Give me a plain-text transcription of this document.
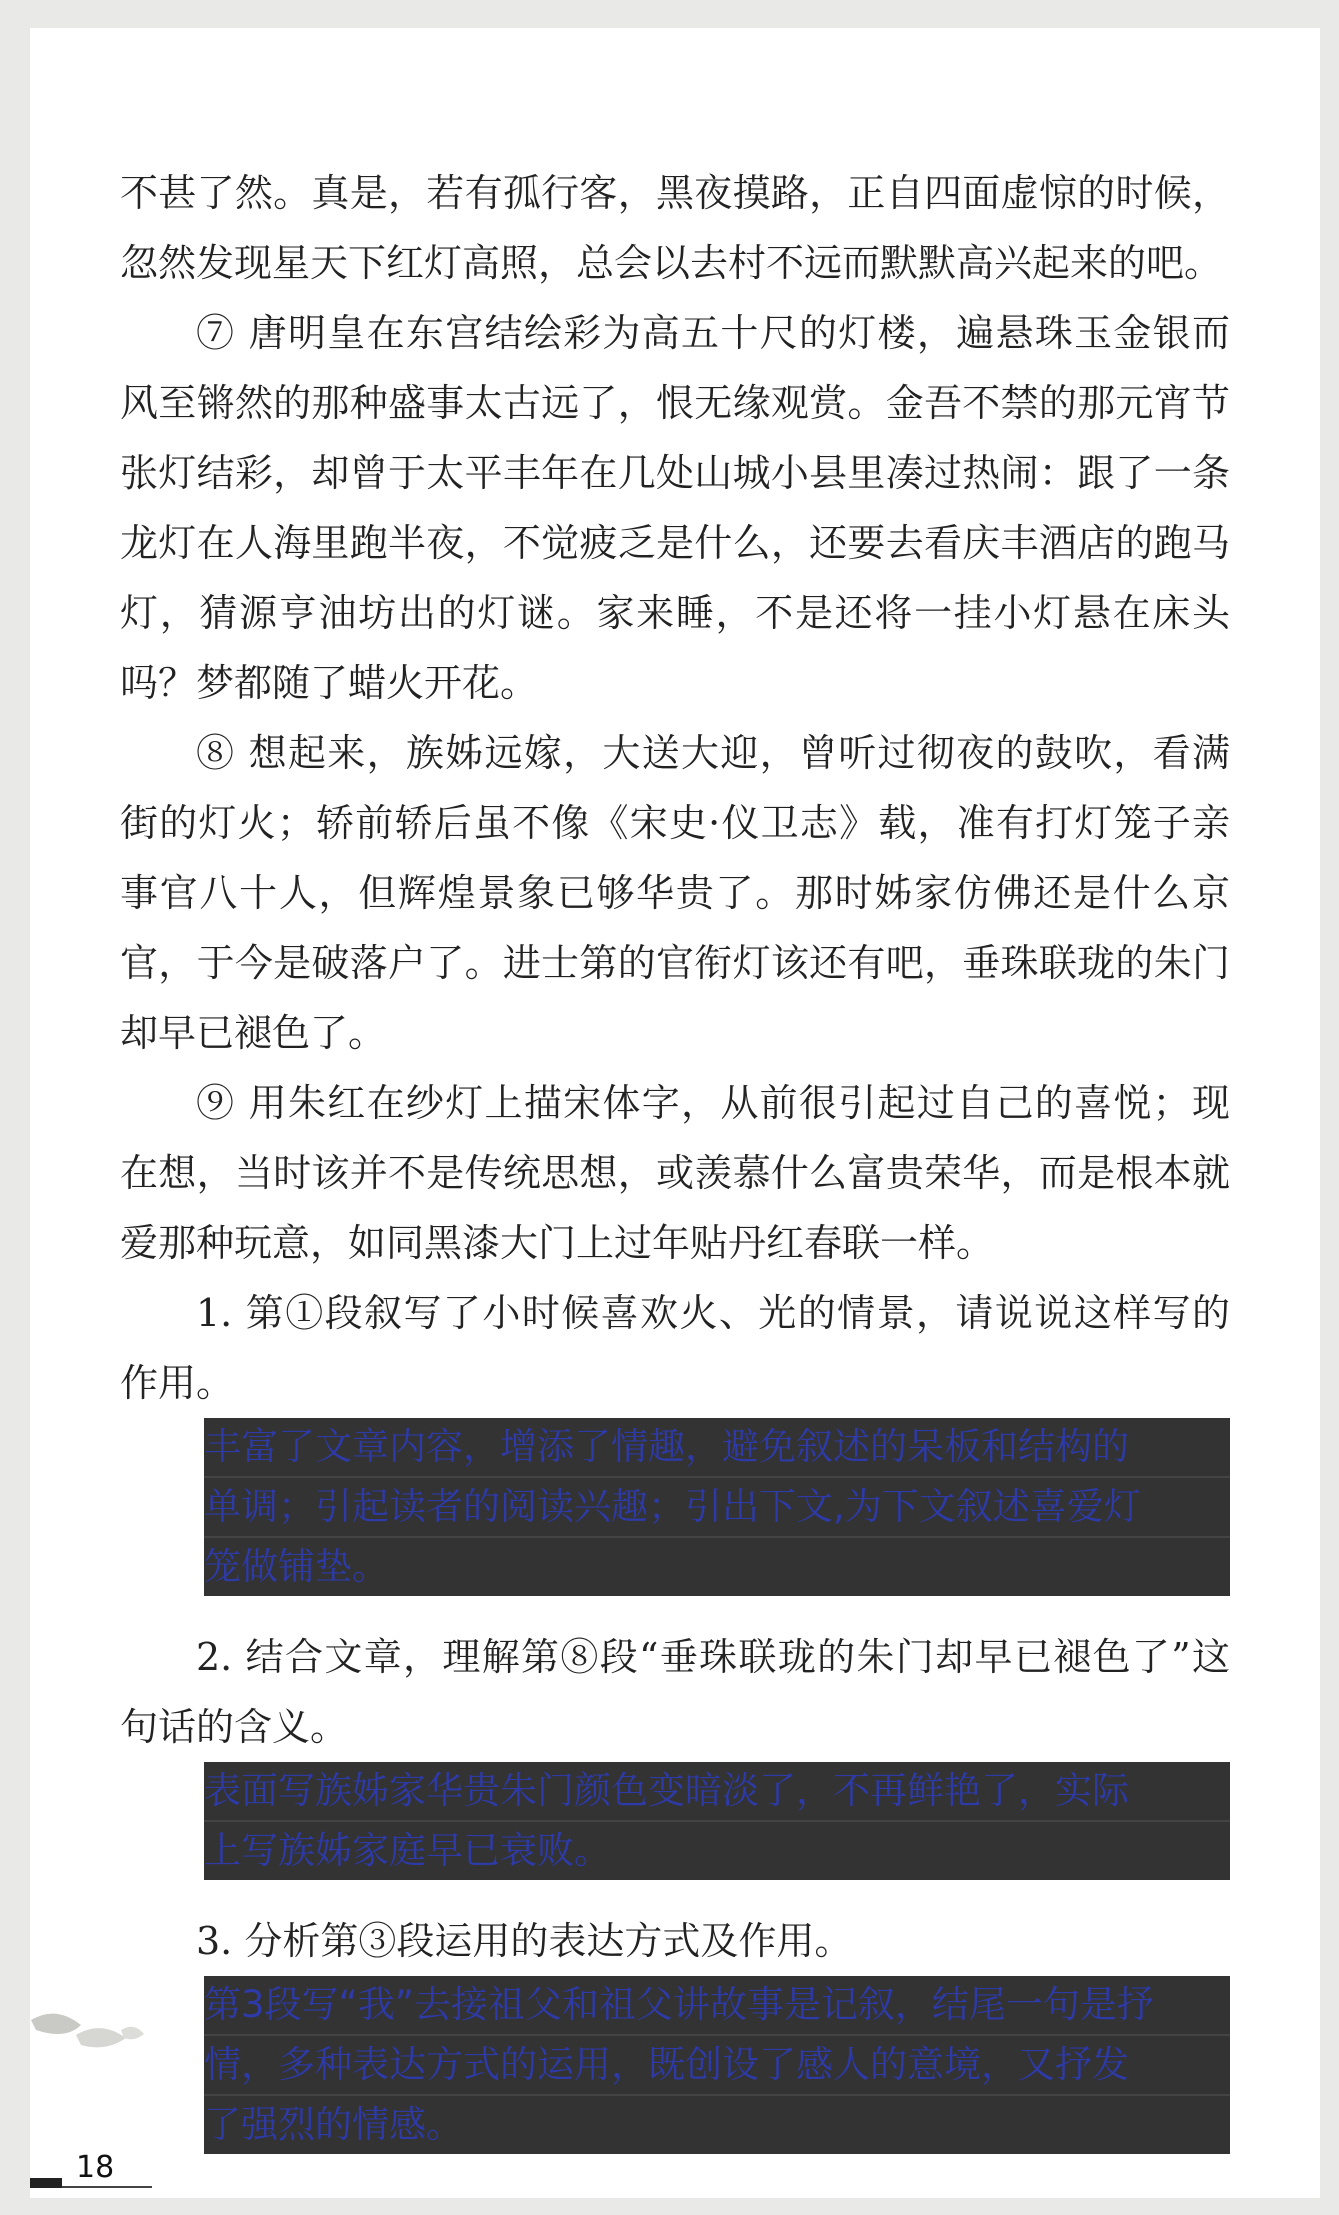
不甚了然。真是，若有孤行客，黑夜摸路，正自四面虚惊的时候，忽然发现星天下红灯高照，总会以去村不远而默默高兴起来的吧。

⑦ 唐明皇在东宫结绘彩为高五十尺的灯楼，遍悬珠玉金银而风至锵然的那种盛事太古远了，恨无缘观赏。金吾不禁的那元宵节张灯结彩，却曾于太平丰年在几处山城小县里凑过热闹：跟了一条龙灯在人海里跑半夜，不觉疲乏是什么，还要去看庆丰酒店的跑马灯，猜源亨油坊出的灯谜。家来睡，不是还将一挂小灯悬在床头吗？梦都随了蜡火开花。

⑧ 想起来，族姊远嫁，大送大迎，曾听过彻夜的鼓吹，看满街的灯火；轿前轿后虽不像《宋史·仪卫志》载，准有打灯笼子亲事官八十人，但辉煌景象已够华贵了。那时姊家仿佛还是什么京官，于今是破落户了。进士第的官衔灯该还有吧，垂珠联珑的朱门却早已褪色了。

⑨ 用朱红在纱灯上描宋体字，从前很引起过自己的喜悦；现在想，当时该并不是传统思想，或羡慕什么富贵荣华，而是根本就爱那种玩意，如同黑漆大门上过年贴丹红春联一样。

1. 第①段叙写了小时候喜欢火、光的情景，请说说这样写的作用。

丰富了文章内容，增添了情趣，避免叙述的呆板和结构的
单调；引起读者的阅读兴趣；引出下文,为下文叙述喜爱灯
笼做铺垫。

2. 结合文章，理解第⑧段“垂珠联珑的朱门却早已褪色了”这句话的含义。

表面写族姊家华贵朱门颜色变暗淡了，不再鲜艳了，实际
上写族姊家庭早已衰败。

3. 分析第③段运用的表达方式及作用。

第3段写“我”去接祖父和祖父讲故事是记叙，结尾一句是抒
情，多种表达方式的运用，既创设了感人的意境，又抒发
了强烈的情感。
18
